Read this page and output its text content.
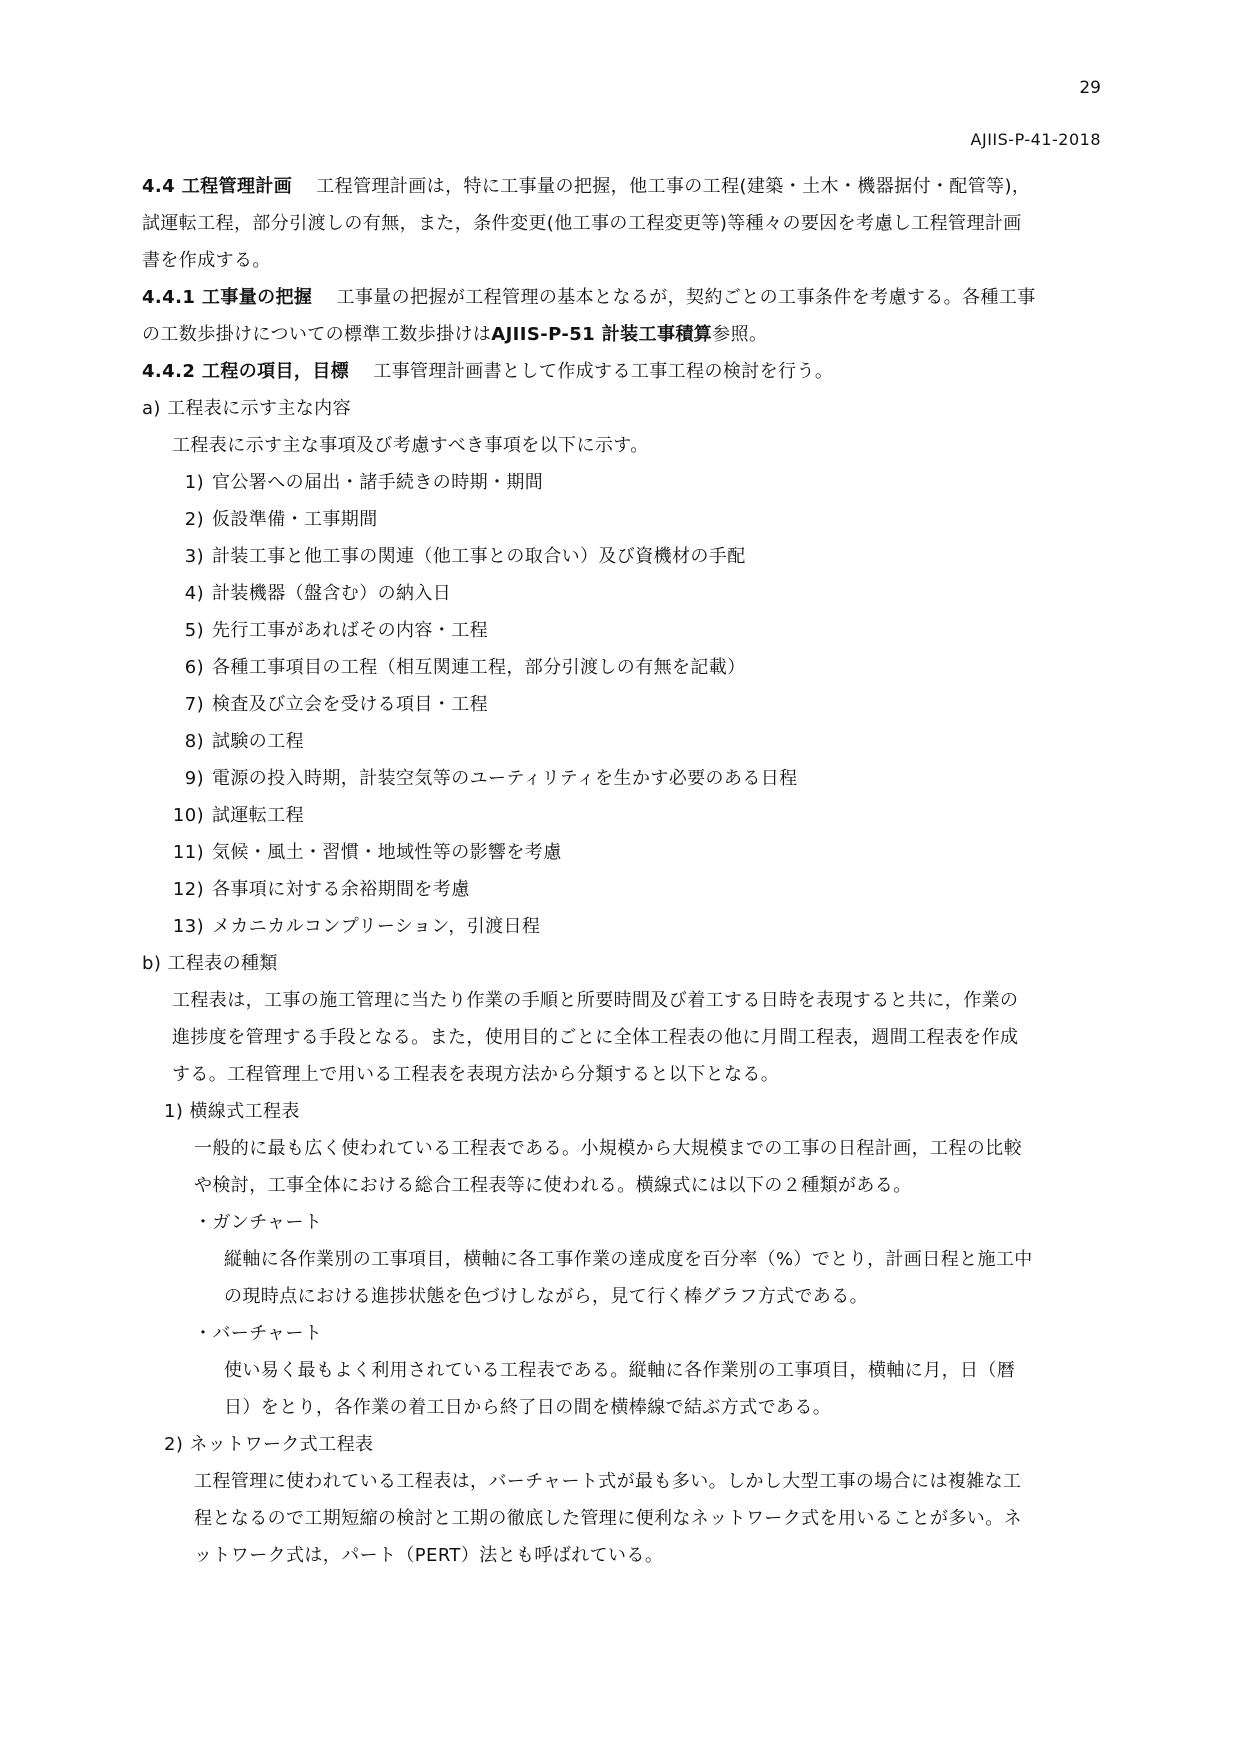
29
AJIIS-P-41-2018
4.4 工程管理計画 工程管理計画は，特に工事量の把握，他工事の工程(建築・土木・機器据付・配管等)，
試運転工程，部分引渡しの有無，また，条件変更(他工事の工程変更等)等種々の要因を考慮し工程管理計画
書を作成する。
4.4.1 工事量の把握 工事量の把握が工程管理の基本となるが，契約ごとの工事条件を考慮する。各種工事
の工数歩掛けについての標準工数歩掛けはAJIIS-P-51 計装工事積算参照。
4.4.2 工程の項目，目標 工事管理計画書として作成する工事工程の検討を行う。
a) 工程表に示す主な内容
工程表に示す主な事項及び考慮すべき事項を以下に示す。
1) 官公署への届出・諸手続きの時期・期間
2) 仮設準備・工事期間
3) 計装工事と他工事の関連（他工事との取合い）及び資機材の手配
4) 計装機器（盤含む）の納入日
5) 先行工事があればその内容・工程
6) 各種工事項目の工程（相互関連工程，部分引渡しの有無を記載）
7) 検査及び立会を受ける項目・工程
8) 試験の工程
9) 電源の投入時期，計装空気等のユーティリティを生かす必要のある日程
10) 試運転工程
11) 気候・風土・習慣・地域性等の影響を考慮
12) 各事項に対する余裕期間を考慮
13) メカニカルコンプリーション，引渡日程
b) 工程表の種類
工程表は，工事の施工管理に当たり作業の手順と所要時間及び着工する日時を表現すると共に，作業の
進捗度を管理する手段となる。また，使用目的ごとに全体工程表の他に月間工程表，週間工程表を作成
する。工程管理上で用いる工程表を表現方法から分類すると以下となる。
1) 横線式工程表
一般的に最も広く使われている工程表である。小規模から大規模までの工事の日程計画，工程の比較
や検討，工事全体における総合工程表等に使われる。横線式には以下の２種類がある。
・ガンチャート
縦軸に各作業別の工事項目，横軸に各工事作業の達成度を百分率（%）でとり，計画日程と施工中
の現時点における進捗状態を色づけしながら，見て行く棒グラフ方式である。
・バーチャート
使い易く最もよく利用されている工程表である。縦軸に各作業別の工事項目，横軸に月，日（暦
日）をとり，各作業の着工日から終了日の間を横棒線で結ぶ方式である。
2) ネットワーク式工程表
工程管理に使われている工程表は，バーチャート式が最も多い。しかし大型工事の場合には複雑な工
程となるので工期短縮の検討と工期の徹底した管理に便利なネットワーク式を用いることが多い。ネ
ットワーク式は，パート（PERT）法とも呼ばれている。
